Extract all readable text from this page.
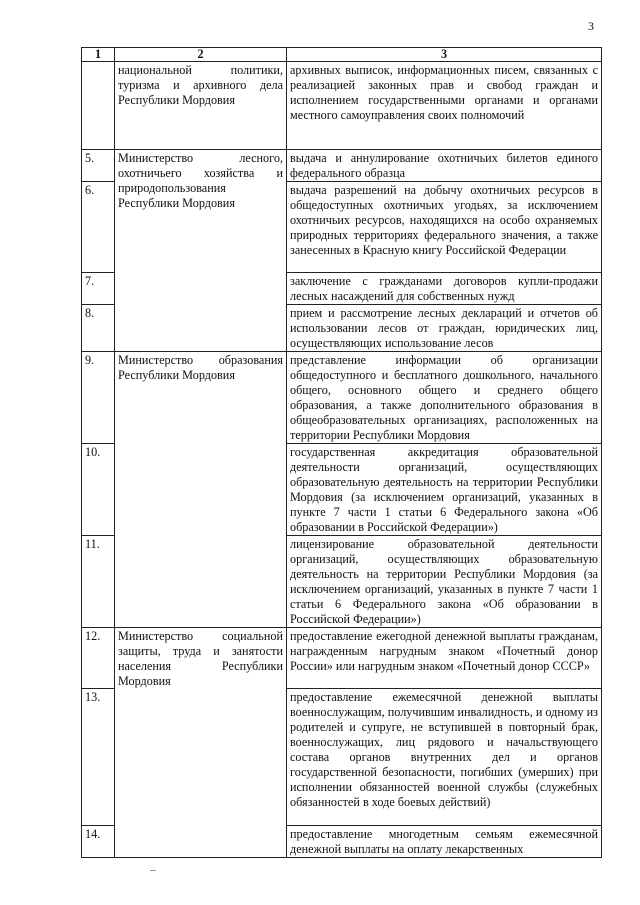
3
1	2	3
	национальной политики, туризма и архивного дела Республики Мордовия	архивных выписок, информационных писем, связанных с реализацией законных прав и свобод граждан и исполнением государственными органами и органами местного самоуправления своих полномочий
5.	Министерство лесного, охотничьего хозяйства и природопользования Республики Мордовия	выдача и аннулирование охотничьих билетов единого федерального образца
6.		выдача разрешений на добычу охотничьих ресурсов в общедоступных охотничьих угодьях, за исключением охотничьих ресурсов, находящихся на особо охраняемых природных территориях федерального значения, а также занесенных в Красную книгу Российской Федерации
7.		заключение с гражданами договоров купли-продажи лесных насаждений для собственных нужд
8.		прием и рассмотрение лесных деклараций и отчетов об использовании лесов от граждан, юридических лиц, осуществляющих использование лесов
9.	Министерство образования Республики Мордовия	представление информации об организации общедоступного и бесплатного дошкольного, начального общего, основного общего и среднего общего образования, а также дополнительного образования в общеобразовательных организациях, расположенных на территории Республики Мордовия
10.		государственная аккредитация образовательной деятельности организаций, осуществляющих образовательную деятельность на территории Республики Мордовия (за исключением организаций, указанных в пункте 7 части 1 статьи 6 Федерального закона «Об образовании в Российской Федерации»)
11.		лицензирование образовательной деятельности организаций, осуществляющих образовательную деятельность на территории Республики Мордовия (за исключением организаций, указанных в пункте 7 части 1 статьи 6 Федерального закона «Об образовании в Российской Федерации»)
12.	Министерство социальной защиты, труда и занятости населения Республики Мордовия	предоставление ежегодной денежной выплаты гражданам, награжденным нагрудным знаком «Почетный донор России» или нагрудным знаком «Почетный донор СССР»
13.		предоставление ежемесячной денежной выплаты военнослужащим, получившим инвалидность, и одному из родителей и супруге, не вступившей в повторный брак, военнослужащих, лиц рядового и начальствующего состава органов внутренних дел и органов государственной безопасности, погибших (умерших) при исполнении обязанностей военной службы (служебных обязанностей в ходе боевых действий)
14.		предоставление многодетным семьям ежемесячной денежной выплаты на оплату лекарственных
